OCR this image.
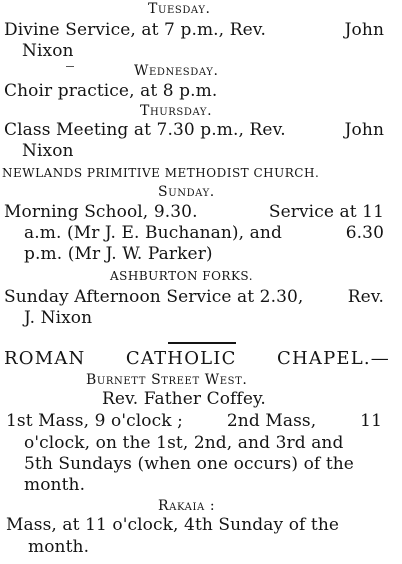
Tuesday.
Divine Service, at 7 p.m., Rev.	John
Nixon
Wednesday.
Choir practice, at 8 p.m.
Thursday.
Class Meeting at 7.30 p.m., Rev.	John
Nixon
NEWLANDS PRIMITIVE METHODIST CHURCH.
Sunday.
Morning School, 9.30.	Service at 11
a.m. (Mr J. E. Buchanan), and	6.30
p.m. (Mr J. W. Parker)
ASHBURTON FORKS.
Sunday Afternoon Service at 2.30,	Rev.
J. Nixon
ROMAN CATHOLIC CHAPEL.—
Burnett Street West.
Rev. Father Coffey.
1st Mass, 9 o'clock ;	2nd Mass,	11
o'clock, on the 1st, 2nd, and 3rd and
5th Sundays (when one occurs) of the
month.
Rakaia :
Mass, at 11 o'clock, 4th Sunday of the
month.
